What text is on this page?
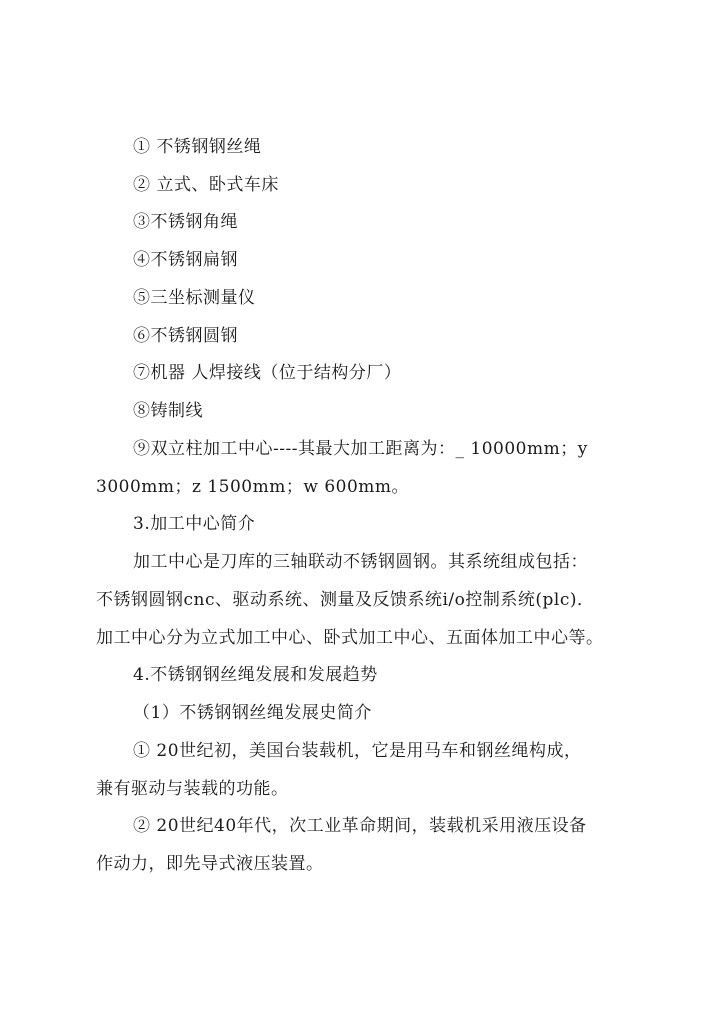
① 不锈钢钢丝绳
② 立式、卧式车床
③不锈钢角绳
④不锈钢扁钢
⑤三坐标测量仪
⑥不锈钢圆钢
⑦机器 人焊接线（位于结构分厂）
⑧铸制线
⑨双立柱加工中心----其最大加工距离为：_ 10000mm；y
3000mm；z 1500mm；w 600mm。
3.加工中心简介
加工中心是刀库的三轴联动不锈钢圆钢。其系统组成包括：
不锈钢圆钢cnc、驱动系统、测量及反馈系统i/o控制系统(plc)．
加工中心分为立式加工中心、卧式加工中心、五面体加工中心等。
4.不锈钢钢丝绳发展和发展趋势
（1）不锈钢钢丝绳发展史简介
① 20世纪初，美国台装载机，它是用马车和钢丝绳构成，
兼有驱动与装载的功能。
② 20世纪40年代，次工业革命期间，装载机采用液压设备
作动力，即先导式液压装置。
